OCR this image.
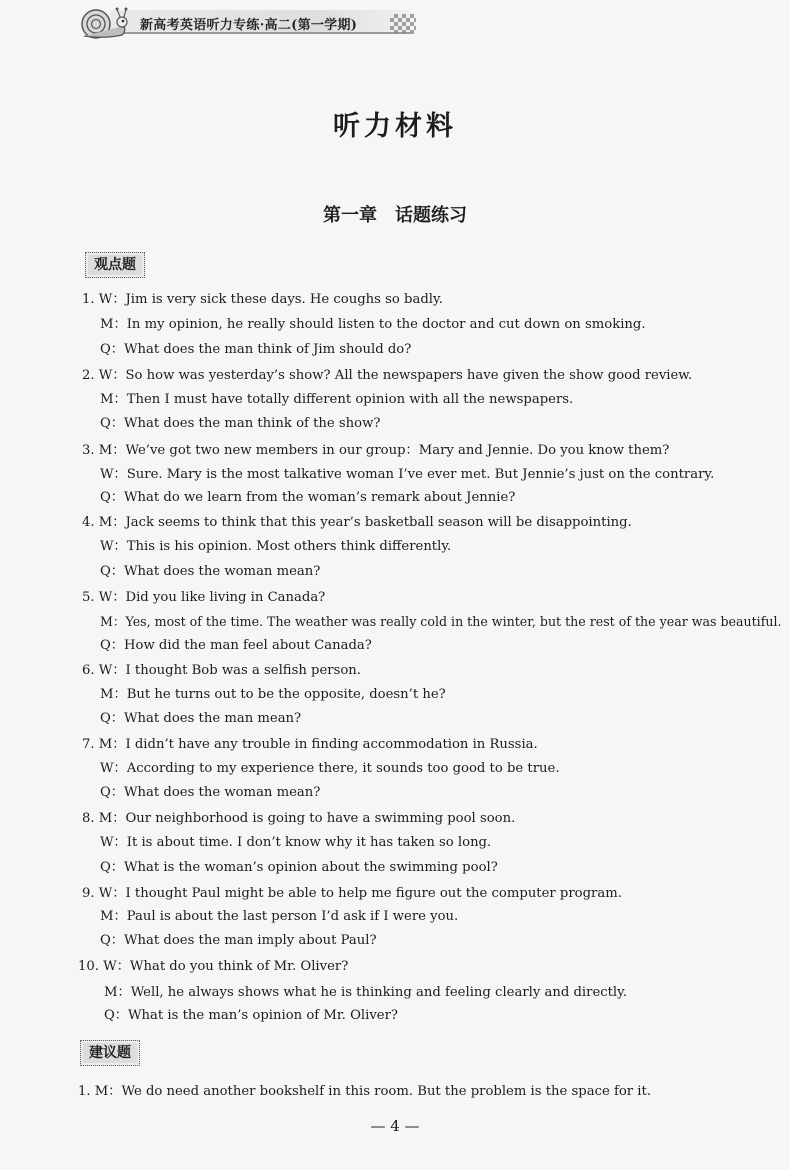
新高考英语听力专练·高二(第一学期)
听力材料
第一章　话题练习
观点题
1. W：Jim is very sick these days. He coughs so badly.
M：In my opinion, he really should listen to the doctor and cut down on smoking.
Q：What does the man think of Jim should do?
2. W：So how was yesterday’s show? All the newspapers have given the show good review.
M：Then I must have totally different opinion with all the newspapers.
Q：What does the man think of the show?
3. M：We’ve got two new members in our group：Mary and Jennie. Do you know them?
W：Sure. Mary is the most talkative woman I’ve ever met. But Jennie’s just on the contrary.
Q：What do we learn from the woman’s remark about Jennie?
4. M：Jack seems to think that this year’s basketball season will be disappointing.
W：This is his opinion. Most others think differently.
Q：What does the woman mean?
5. W：Did you like living in Canada?
M：Yes, most of the time. The weather was really cold in the winter, but the rest of the year was beautiful.
Q：How did the man feel about Canada?
6. W：I thought Bob was a selfish person.
M：But he turns out to be the opposite, doesn’t he?
Q：What does the man mean?
7. M：I didn’t have any trouble in finding accommodation in Russia.
W：According to my experience there, it sounds too good to be true.
Q：What does the woman mean?
8. M：Our neighborhood is going to have a swimming pool soon.
W：It is about time. I don’t know why it has taken so long.
Q：What is the woman’s opinion about the swimming pool?
9. W：I thought Paul might be able to help me figure out the computer program.
M：Paul is about the last person I’d ask if I were you.
Q：What does the man imply about Paul?
10. W：What do you think of Mr. Oliver?
M：Well, he always shows what he is thinking and feeling clearly and directly.
Q：What is the man’s opinion of Mr. Oliver?
建议题
1. M：We do need another bookshelf in this room. But the problem is the space for it.
— 4 —
